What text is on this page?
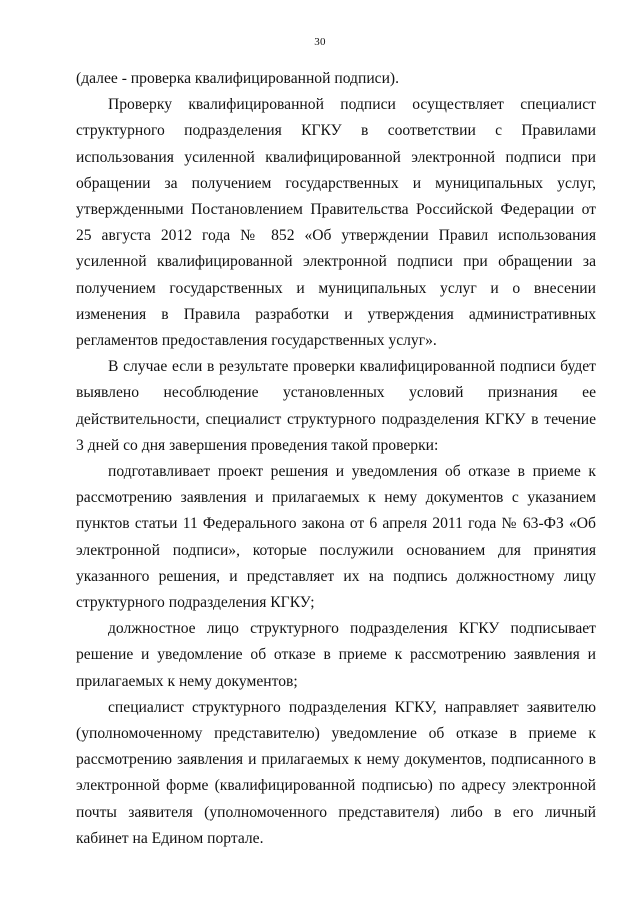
30

(далее - проверка квалифицированной подписи).

Проверку квалифицированной подписи осуществляет специалист структурного подразделения КГКУ в соответствии с Правилами использования усиленной квалифицированной электронной подписи при обращении за получением государственных и муниципальных услуг, утвержденными Постановлением Правительства Российской Федерации от 25 августа 2012 года № 852 «Об утверждении Правил использования усиленной квалифицированной электронной подписи при обращении за получением государственных и муниципальных услуг и о внесении изменения в Правила разработки и утверждения административных регламентов предоставления государственных услуг».

В случае если в результате проверки квалифицированной подписи будет выявлено несоблюдение установленных условий признания ее действительности, специалист структурного подразделения КГКУ в течение 3 дней со дня завершения проведения такой проверки:

подготавливает проект решения и уведомления об отказе в приеме к рассмотрению заявления и прилагаемых к нему документов с указанием пунктов статьи 11 Федерального закона от 6 апреля 2011 года № 63-ФЗ «Об электронной подписи», которые послужили основанием для принятия указанного решения, и представляет их на подпись должностному лицу структурного подразделения КГКУ;

должностное лицо структурного подразделения КГКУ подписывает решение и уведомление об отказе в приеме к рассмотрению заявления и прилагаемых к нему документов;

специалист структурного подразделения КГКУ, направляет заявителю (уполномоченному представителю) уведомление об отказе в приеме к рассмотрению заявления и прилагаемых к нему документов, подписанного в электронной форме (квалифицированной подписью) по адресу электронной почты заявителя (уполномоченного представителя) либо в его личный кабинет на Едином портале.
